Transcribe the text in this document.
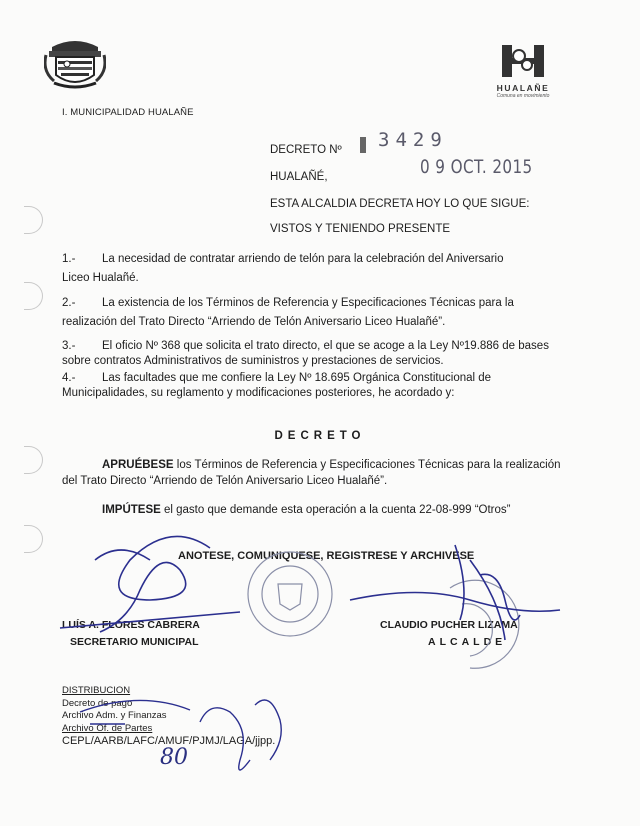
HUALAÑE
Comuna en movimiento
I. MUNICIPALIDAD HUALAÑE
DECRETO Nº 3429
HUALAÑÉ,	0 9 OCT. 2015
ESTA ALCALDIA DECRETA HOY LO QUE SIGUE:
VISTOS Y TENIENDO PRESENTE
1.- La necesidad de contratar arriendo de telón para la celebración del Aniversario
Liceo Hualañé.
2.- La existencia de los Términos de Referencia y Especificaciones Técnicas para la
realización del Trato Directo “Arriendo de Telón Aniversario Liceo Hualañé”.
3.- El oficio Nº 368 que solicita el trato directo, el que se acoge a la Ley Nº19.886 de bases
sobre contratos Administrativos de suministros y prestaciones de servicios.
4.- Las facultades que me confiere la Ley Nº 18.695 Orgánica Constitucional de
Municipalidades, su reglamento y modificaciones posteriores, he acordado y:
DECRETO
APRUÉBESE los Términos de Referencia y Especificaciones Técnicas para la realización
del Trato Directo “Arriendo de Telón Aniversario Liceo Hualañé”.
IMPÚTESE el gasto que demande esta operación a la cuenta 22-08-999 “Otros”
ANOTESE, COMUNIQUESE, REGISTRESE Y ARCHIVESE
LUÍS A. FLORES CABRERA
SECRETARIO MUNICIPAL
CLAUDIO PUCHER LIZAMA
ALCALDE
DISTRIBUCION
Decreto de pago
Archivo Adm. y Finanzas
Archivo Of. de Partes
CEPL/AARB/LAFC/AMUF/PJMJ/LAGA/jjpp.
80
